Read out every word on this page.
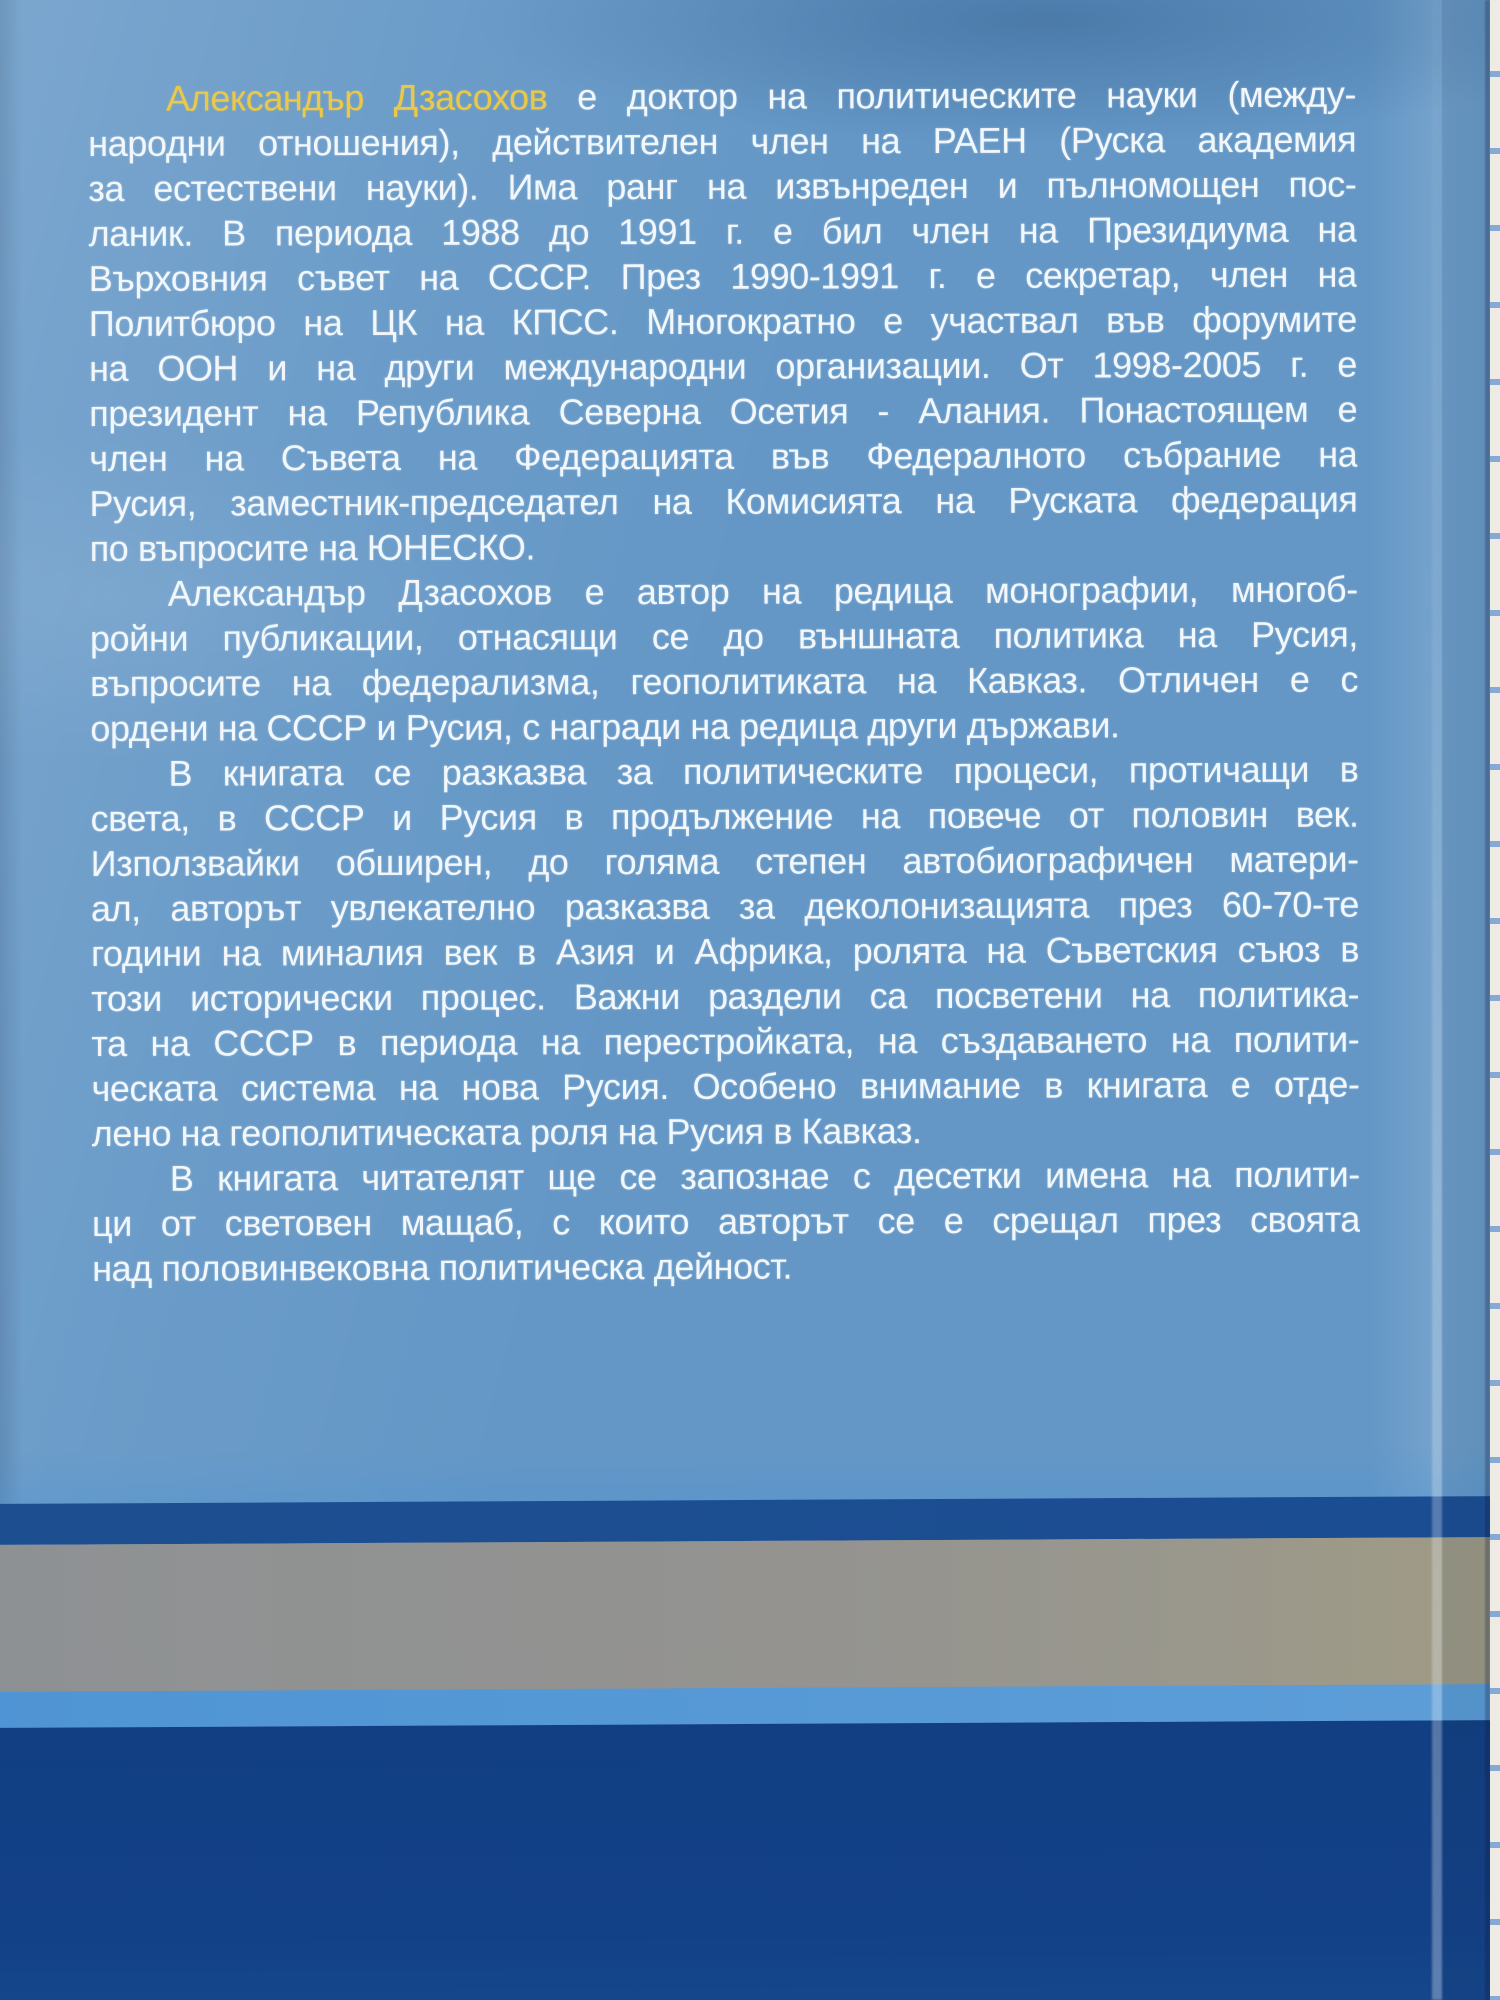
Александър Дзасохов е доктор на политическите науки (между-
народни отношения), действителен член на РАЕН (Руска академия
за естествени науки). Има ранг на извънреден и пълномощен пос-
ланик. В периода 1988 до 1991 г. е бил член на Президиума на
Върховния съвет на СССР. През 1990-1991 г. е секретар, член на
Политбюро на ЦК на КПСС. Многократно е участвал във форумите
на ООН и на други международни организации. От 1998-2005 г. е
президент на Република Северна Осетия - Алания. Понастоящем е
член на Съвета на Федерацията във Федералното събрание на
Русия, заместник-председател на Комисията на Руската федерация
по въпросите на ЮНЕСКО.
Александър Дзасохов е автор на редица монографии, многоб-
ройни публикации, отнасящи се до външната политика на Русия,
въпросите на федерализма, геополитиката на Кавказ. Отличен е с
ордени на СССР и Русия, с награди на редица други държави.
В книгата се разказва за политическите процеси, протичащи в
света, в СССР и Русия в продължение на повече от половин век.
Използвайки обширен, до голяма степен автобиографичен матери-
ал, авторът увлекателно разказва за деколонизацията през 60-70-те
години на миналия век в Азия и Африка, ролята на Съветския съюз в
този исторически процес. Важни раздели са посветени на политика-
та на СССР в периода на перестройката, на създаването на полити-
ческата система на нова Русия. Особено внимание в книгата е отде-
лено на геополитическата роля на Русия в Кавказ.
В книгата читателят ще се запознае с десетки имена на полити-
ци от световен мащаб, с които авторът се е срещал през своята
над половинвековна политическа дейност.
